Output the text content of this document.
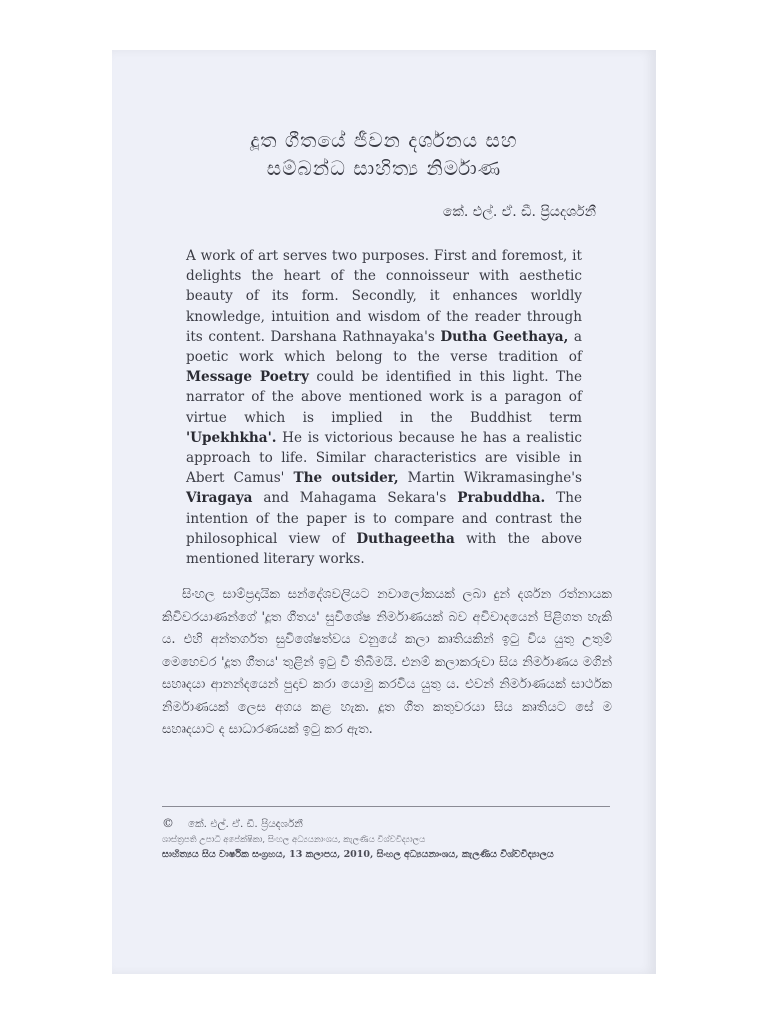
දූත ගීතයේ ජීවන දර්ශනය සහ
සම්බන්ධ සාහිත්‍ය නිර්මාණ
කේ. එල්. ඒ. ඩී. ප්‍රියදර්ශනී

A work of art serves two purposes. First and foremost, it delights the heart of the connoisseur with aesthetic beauty of its form. Secondly, it enhances worldly knowledge, intuition and wisdom of the reader through its content. Darshana Rathnayaka's Dutha Geethaya, a poetic work which belong to the verse tradition of Message Poetry could be identified in this light. The narrator of the above mentioned work is a paragon of virtue which is implied in the Buddhist term 'Upekhkha'. He is victorious because he has a realistic approach to life. Similar characteristics are visible in Abert Camus' The outsider, Martin Wikramasinghe's Viragaya and Mahagama Sekara's Prabuddha. The intention of the paper is to compare and contrast the philosophical view of Duthageetha with the above mentioned literary works.

සිංහල සාම්ප්‍රදායික සන්දේශවලියට නවාලෝකයක් ලබා දුන් දර්ශන රත්නායක කිවිවරයාණන්ගේ 'දූත ගීතය' සුවිශේෂ නිර්මාණයක් බව අවිවාදයෙන් පිළිගත හැකි ය. එහි අන්තර්ගත සුවිශේෂත්වය වනුයේ කලා කෘතියකින් ඉටු විය යුතු උතුම් මෙහෙවර 'දූත ගීතය' තුළින් ඉටු වී තිබීමයි. එනම් කලාකරුවා සිය නිර්මාණය මගින් සහෘදයා ආනන්දයෙන් පුදාව කරා යොමු කරවිය යුතු ය. එවන් නිර්මාණයක් සාර්ථක නිර්මාණයක් ලෙස අගය කළ හැක. දූත ගීත කතුවරයා සිය කෘතියට සේ ම සහෘදයාට ද සාධාරණයක් ඉටු කර ඇත.

© කේ. එල්. ඒ. ඩී. ප්‍රියදර්ශනී

ශාස්ත්‍රපති උපාධි අපේක්ෂිකා, සිංහල අධ්‍යයනාංශය, කැලණිය විශ්වවිද්‍යාලය

සාහිත්‍යය සිය වාර්ෂික සංග්‍රහය, 13 කලාපය, 2010, සිංහල අධ්‍යයනාංශය, කැලණිය විශ්වවිද්‍යාලය
